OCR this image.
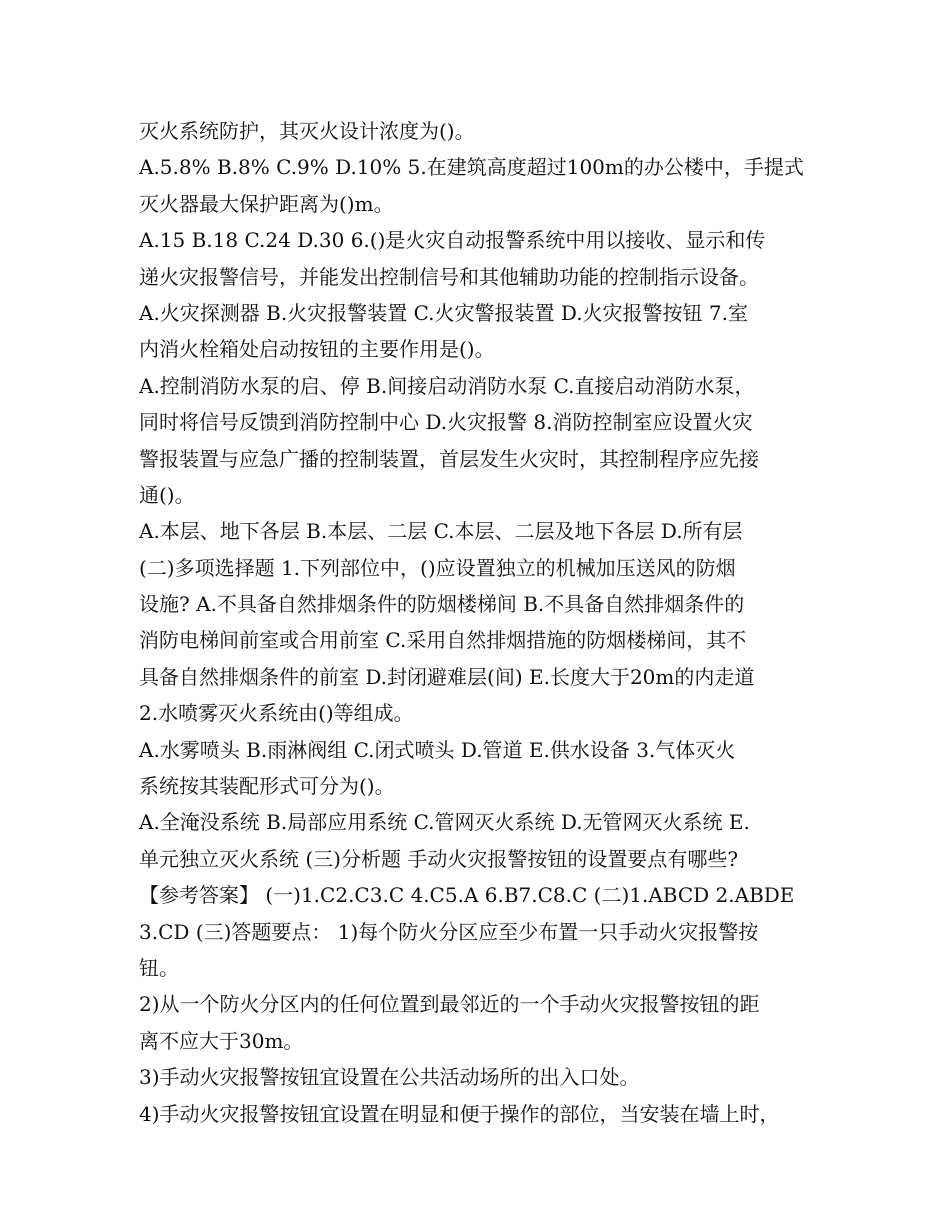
灭火系统防护，其灭火设计浓度为()。
A.5.8% B.8% C.9% D.10% 5.在建筑高度超过100m的办公楼中，手提式
灭火器最大保护距离为()m。
A.15 B.18 C.24 D.30 6.()是火灾自动报警系统中用以接收、显示和传
递火灾报警信号，并能发出控制信号和其他辅助功能的控制指示设备。
A.火灾探测器 B.火灾报警装置 C.火灾警报装置 D.火灾报警按钮 7.室
内消火栓箱处启动按钮的主要作用是()。
A.控制消防水泵的启、停 B.间接启动消防水泵 C.直接启动消防水泵，
同时将信号反馈到消防控制中心 D.火灾报警 8.消防控制室应设置火灾
警报装置与应急广播的控制装置，首层发生火灾时，其控制程序应先接
通()。
A.本层、地下各层 B.本层、二层 C.本层、二层及地下各层 D.所有层
(二)多项选择题 1.下列部位中，()应设置独立的机械加压送风的防烟
设施? A.不具备自然排烟条件的防烟楼梯间 B.不具备自然排烟条件的
消防电梯间前室或合用前室 C.采用自然排烟措施的防烟楼梯间，其不
具备自然排烟条件的前室 D.封闭避难层(间) E.长度大于20m的内走道
2.水喷雾灭火系统由()等组成。
A.水雾喷头 B.雨淋阀组 C.闭式喷头 D.管道 E.供水设备 3.气体灭火
系统按其装配形式可分为()。
A.全淹没系统 B.局部应用系统 C.管网灭火系统 D.无管网灭火系统 E.
单元独立灭火系统 (三)分析题 手动火灾报警按钮的设置要点有哪些?
【参考答案】 (一)1.C2.C3.C 4.C5.A 6.B7.C8.C (二)1.ABCD 2.ABDE
3.CD (三)答题要点： 1)每个防火分区应至少布置一只手动火灾报警按
钮。
2)从一个防火分区内的任何位置到最邻近的一个手动火灾报警按钮的距
离不应大于30m。
3)手动火灾报警按钮宜设置在公共活动场所的出入口处。
4)手动火灾报警按钮宜设置在明显和便于操作的部位，当安装在墙上时，
